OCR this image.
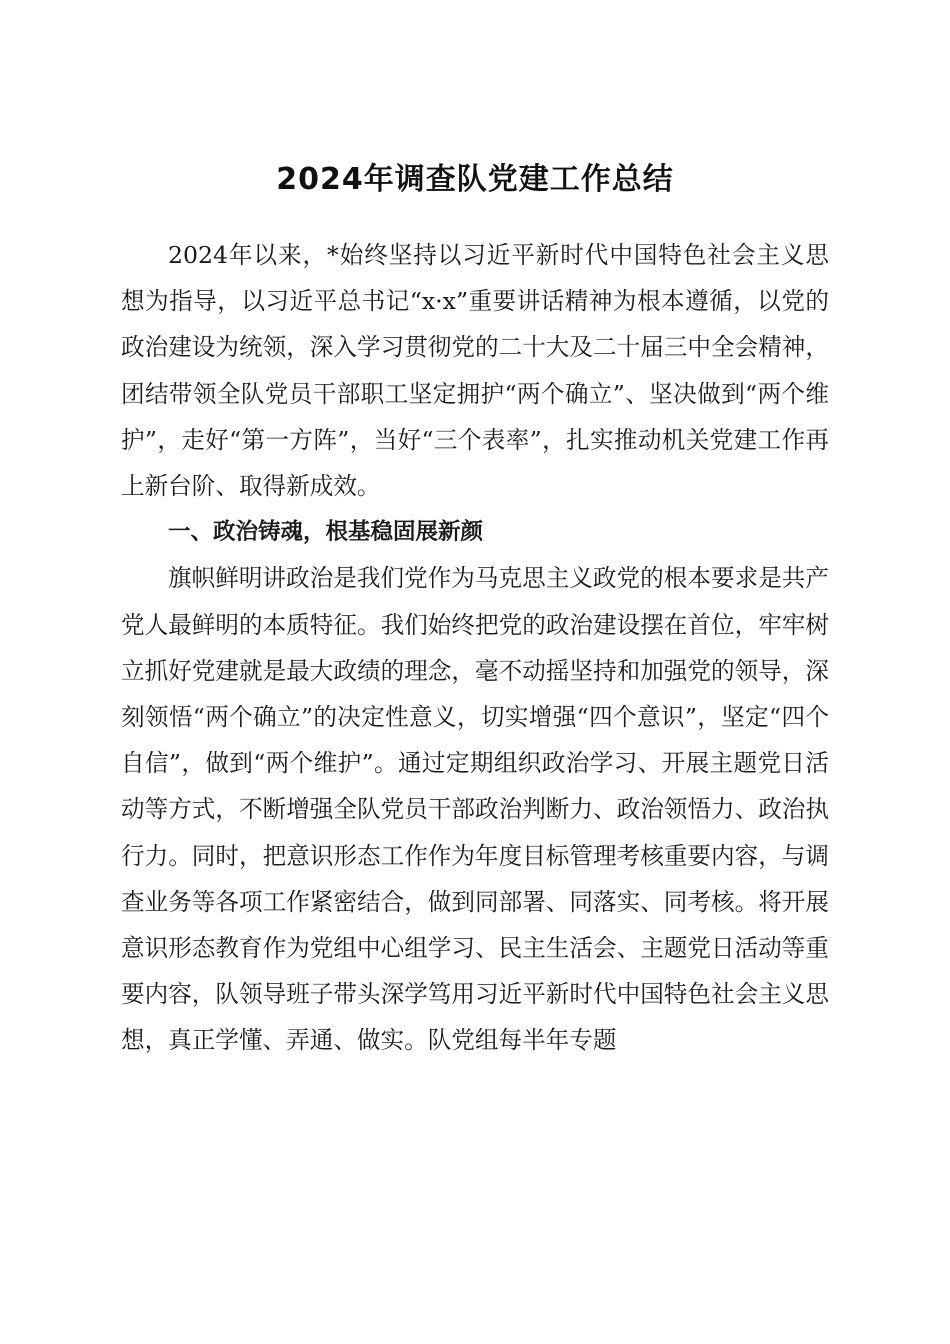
2024年调查队党建工作总结

2024年以来，*始终坚持以习近平新时代中国特色社会主义思想为指导，以习近平总书记“x·x”重要讲话精神为根本遵循，以党的政治建设为统领，深入学习贯彻党的二十大及二十届三中全会精神，团结带领全队党员干部职工坚定拥护“两个确立”、坚决做到“两个维护”，走好“第一方阵”，当好“三个表率”，扎实推动机关党建工作再上新台阶、取得新成效。

一、政治铸魂，根基稳固展新颜

旗帜鲜明讲政治是我们党作为马克思主义政党的根本要求是共产党人最鲜明的本质特征。我们始终把党的政治建设摆在首位，牢牢树立抓好党建就是最大政绩的理念，毫不动摇坚持和加强党的领导，深刻领悟“两个确立”的决定性意义，切实增强“四个意识”，坚定“四个自信”，做到“两个维护”。通过定期组织政治学习、开展主题党日活动等方式，不断增强全队党员干部政治判断力、政治领悟力、政治执行力。同时，把意识形态工作作为年度目标管理考核重要内容，与调查业务等各项工作紧密结合，做到同部署、同落实、同考核。将开展意识形态教育作为党组中心组学习、民主生活会、主题党日活动等重要内容，队领导班子带头深学笃用习近平新时代中国特色社会主义思想，真正学懂、弄通、做实。队党组每半年专题
